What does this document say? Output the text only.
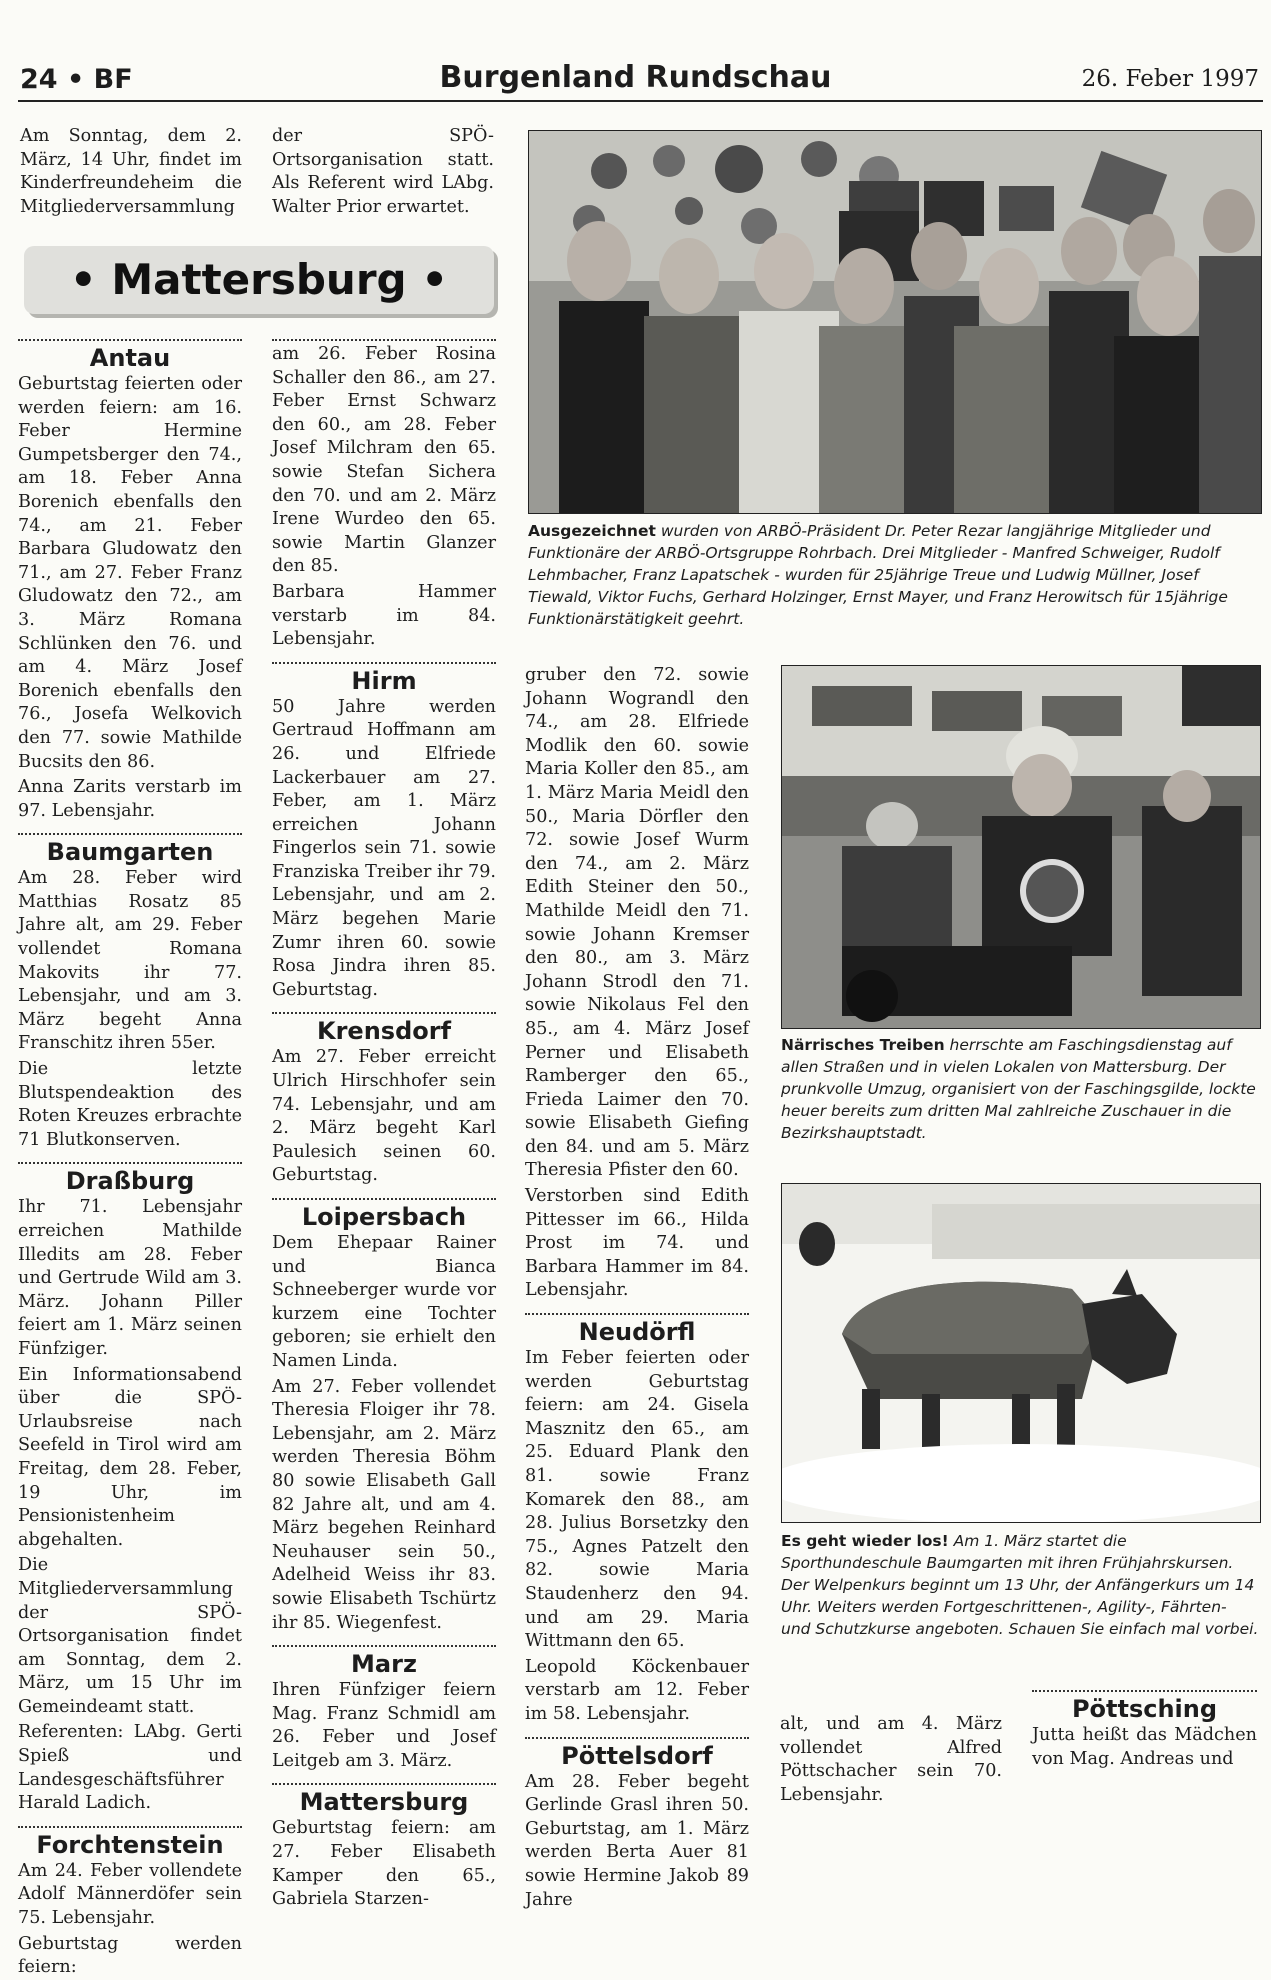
24 • BF	Burgenland Rundschau	26. Feber 1997

Am Sonntag, dem 2. März, 14 Uhr, findet im Kinderfreundeheim die Mitgliederversammlung

der SPÖ-Ortsorganisation statt. Als Referent wird LAbg. Walter Prior erwartet.

• Mattersburg •
Antau

Geburtstag feierten oder werden feiern: am 16. Feber Hermine Gumpetsberger den 74., am 18. Feber Anna Borenich ebenfalls den 74., am 21. Feber Barbara Gludowatz den 71., am 27. Feber Franz Gludowatz den 72., am 3. März Romana Schlünken den 76. und am 4. März Josef Borenich ebenfalls den 76., Josefa Welkovich den 77. sowie Mathilde Bucsits den 86.

Anna Zarits verstarb im 97. Lebensjahr.

Baumgarten

Am 28. Feber wird Matthias Rosatz 85 Jahre alt, am 29. Feber vollendet Romana Makovits ihr 77. Lebensjahr, und am 3. März begeht Anna Franschitz ihren 55er.

Die letzte Blutspendeaktion des Roten Kreuzes erbrachte 71 Blutkonserven.

Draßburg

Ihr 71. Lebensjahr erreichen Mathilde Illedits am 28. Feber und Gertrude Wild am 3. März. Johann Piller feiert am 1. März seinen Fünfziger.

Ein Informationsabend über die SPÖ-Urlaubsreise nach Seefeld in Tirol wird am Freitag, dem 28. Feber, 19 Uhr, im Pensionistenheim abgehalten.

Die Mitgliederversammlung der SPÖ-Ortsorganisation findet am Sonntag, dem 2. März, um 15 Uhr im Gemeindeamt statt.

Referenten: LAbg. Gerti Spieß und Landesgeschäftsführer Harald Ladich.

Forchtenstein

Am 24. Feber vollendete Adolf Männerdöfer sein 75. Lebensjahr.

Geburtstag werden feiern:

am 26. Feber Rosina Schaller den 86., am 27. Feber Ernst Schwarz den 60., am 28. Feber Josef Milchram den 65. sowie Stefan Sichera den 70. und am 2. März Irene Wurdeo den 65. sowie Martin Glanzer den 85.

Barbara Hammer verstarb im 84. Lebensjahr.

Hirm

50 Jahre werden Gertraud Hoffmann am 26. und Elfriede Lackerbauer am 27. Feber, am 1. März erreichen Johann Fingerlos sein 71. sowie Franziska Treiber ihr 79. Lebensjahr, und am 2. März begehen Marie Zumr ihren 60. sowie Rosa Jindra ihren 85. Geburtstag.

Krensdorf

Am 27. Feber erreicht Ulrich Hirschhofer sein 74. Lebensjahr, und am 2. März begeht Karl Paulesich seinen 60. Geburtstag.

Loipersbach

Dem Ehepaar Rainer und Bianca Schneeberger wurde vor kurzem eine Tochter geboren; sie erhielt den Namen Linda.

Am 27. Feber vollendet Theresia Floiger ihr 78. Lebensjahr, am 2. März werden Theresia Böhm 80 sowie Elisabeth Gall 82 Jahre alt, und am 4. März begehen Reinhard Neuhauser sein 50., Adelheid Weiss ihr 83. sowie Elisabeth Tschürtz ihr 85. Wiegenfest.

Marz

Ihren Fünfziger feiern Mag. Franz Schmidl am 26. Feber und Josef Leitgeb am 3. März.

Mattersburg

Geburtstag feiern: am 27. Feber Elisabeth Kamper den 65., Gabriela Starzen-

gruber den 72. sowie Johann Wograndl den 74., am 28. Elfriede Modlik den 60. sowie Maria Koller den 85., am 1. März Maria Meidl den 50., Maria Dörfler den 72. sowie Josef Wurm den 74., am 2. März Edith Steiner den 50., Mathilde Meidl den 71. sowie Johann Kremser den 80., am 3. März Johann Strodl den 71. sowie Nikolaus Fel den 85., am 4. März Josef Perner und Elisabeth Ramberger den 65., Frieda Laimer den 70. sowie Elisabeth Giefing den 84. und am 5. März Theresia Pfister den 60.

Verstorben sind Edith Pittesser im 66., Hilda Prost im 74. und Barbara Hammer im 84. Lebensjahr.

Neudörfl

Im Feber feierten oder werden Geburtstag feiern: am 24. Gisela Masznitz den 65., am 25. Eduard Plank den 81. sowie Franz Komarek den 88., am 28. Julius Borsetzky den 75., Agnes Patzelt den 82. sowie Maria Staudenherz den 94. und am 29. Maria Wittmann den 65.

Leopold Köckenbauer verstarb am 12. Feber im 58. Lebensjahr.

Pöttelsdorf

Am 28. Feber begeht Gerlinde Grasl ihren 50. Geburtstag, am 1. März werden Berta Auer 81 sowie Hermine Jakob 89 Jahre

alt, und am 4. März vollendet Alfred Pöttschacher sein 70. Lebensjahr.

Pöttsching

Jutta heißt das Mädchen von Mag. Andreas und

Ausgezeichnet wurden von ARBÖ-Präsident Dr. Peter Rezar langjährige Mitglieder und Funktionäre der ARBÖ-Ortsgruppe Rohrbach. Drei Mitglieder - Manfred Schweiger, Rudolf Lehmbacher, Franz Lapatschek - wurden für 25jährige Treue und Ludwig Müllner, Josef Tiewald, Viktor Fuchs, Gerhard Holzinger, Ernst Mayer, und Franz Herowitsch für 15jährige Funktionärstätigkeit geehrt.
Närrisches Treiben herrschte am Faschingsdienstag auf allen Straßen und in vielen Lokalen von Mattersburg. Der prunkvolle Umzug, organisiert von der Faschingsgilde, lockte heuer bereits zum dritten Mal zahlreiche Zuschauer in die Bezirkshauptstadt.
Es geht wieder los! Am 1. März startet die Sporthundeschule Baumgarten mit ihren Frühjahrskursen. Der Welpenkurs beginnt um 13 Uhr, der Anfängerkurs um 14 Uhr. Weiters werden Fortgeschrittenen-, Agility-, Fährten- und Schutzkurse angeboten. Schauen Sie einfach mal vorbei.
